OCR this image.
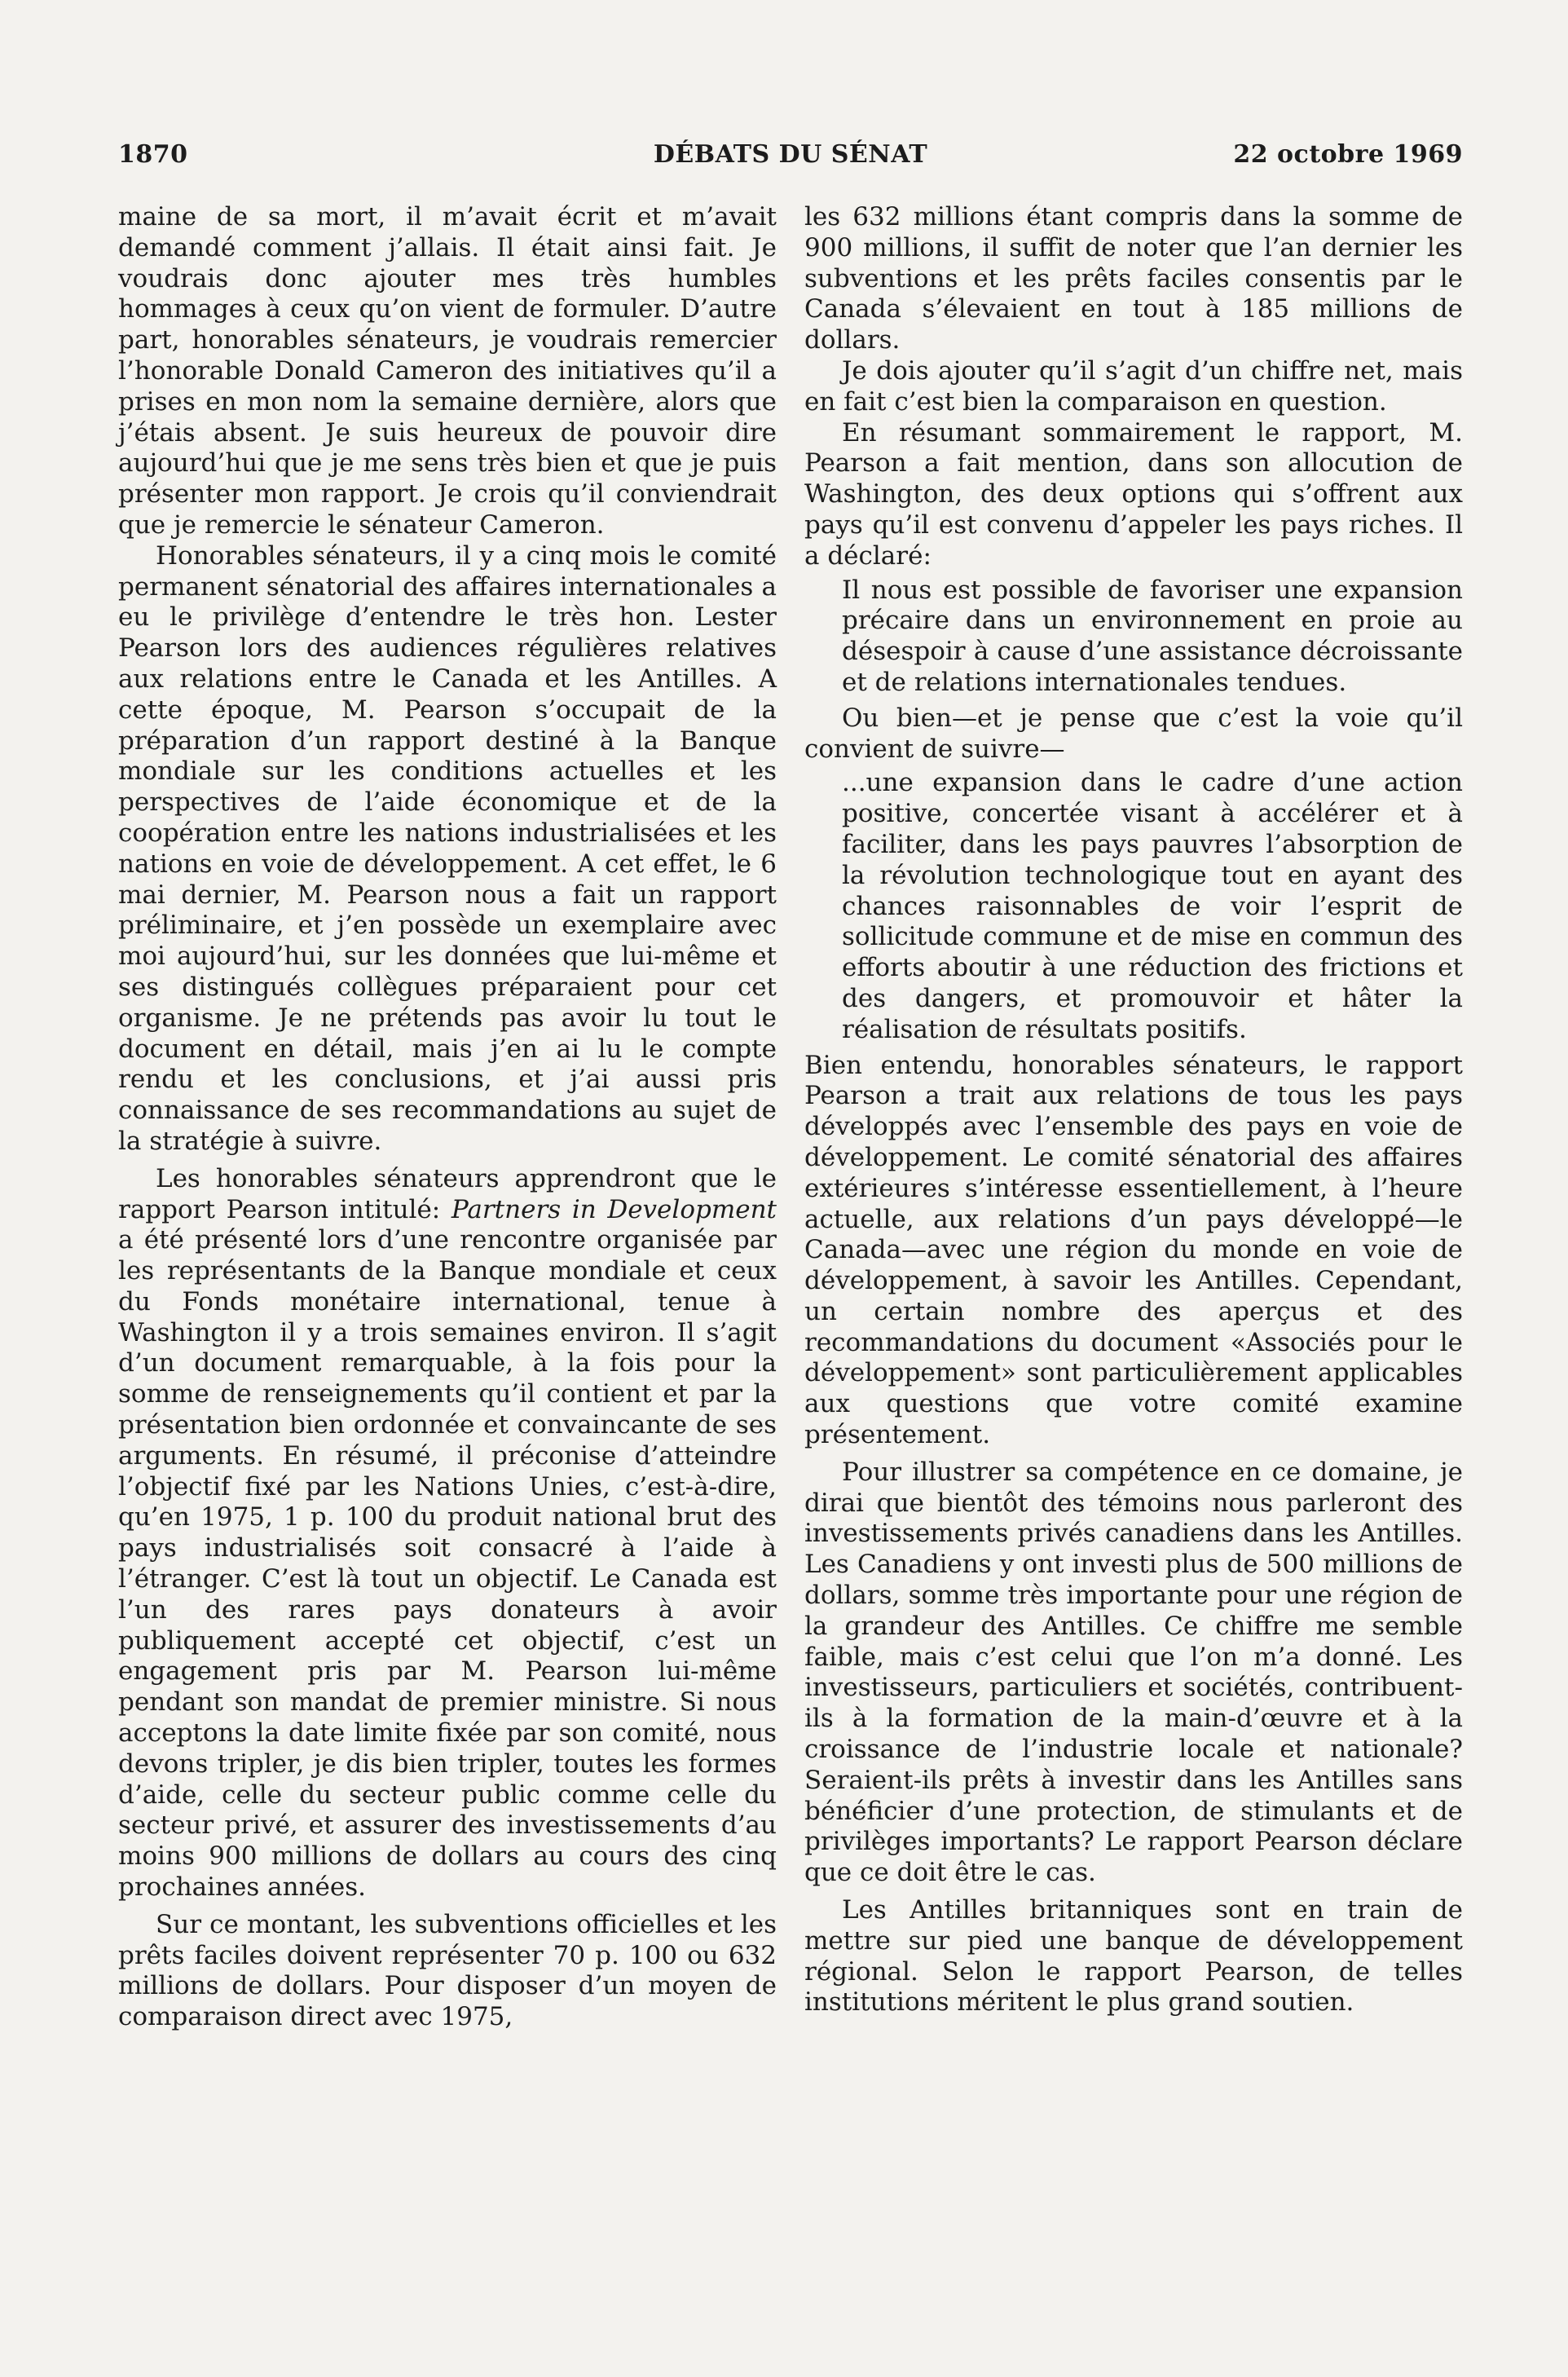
1870	DÉBATS DU SÉNAT	22 octobre 1969

maine de sa mort, il m’avait écrit et m’avait demandé comment j’allais. Il était ainsi fait. Je voudrais donc ajouter mes très humbles hommages à ceux qu’on vient de formuler. D’autre part, honorables sénateurs, je voudrais remercier l’honorable Donald Cameron des initiatives qu’il a prises en mon nom la semaine dernière, alors que j’étais absent. Je suis heureux de pouvoir dire aujourd’hui que je me sens très bien et que je puis présenter mon rapport. Je crois qu’il conviendrait que je remercie le sénateur Cameron.

Honorables sénateurs, il y a cinq mois le comité permanent sénatorial des affaires internationales a eu le privilège d’entendre le très hon. Lester Pearson lors des audiences régulières relatives aux relations entre le Canada et les Antilles. A cette époque, M. Pearson s’occupait de la préparation d’un rapport destiné à la Banque mondiale sur les conditions actuelles et les perspectives de l’aide économique et de la coopération entre les nations industrialisées et les nations en voie de développement. A cet effet, le 6 mai dernier, M. Pearson nous a fait un rapport préliminaire, et j’en possède un exemplaire avec moi aujourd’hui, sur les données que lui-même et ses distingués collègues préparaient pour cet organisme. Je ne prétends pas avoir lu tout le document en détail, mais j’en ai lu le compte rendu et les conclusions, et j’ai aussi pris connaissance de ses recommandations au sujet de la stratégie à suivre.

Les honorables sénateurs apprendront que le rapport Pearson intitulé: Partners in Development a été présenté lors d’une rencontre organisée par les représentants de la Banque mondiale et ceux du Fonds monétaire international, tenue à Washington il y a trois semaines environ. Il s’agit d’un document remarquable, à la fois pour la somme de renseignements qu’il contient et par la présentation bien ordonnée et convaincante de ses arguments. En résumé, il préconise d’atteindre l’objectif fixé par les Nations Unies, c’est-à-dire, qu’en 1975, 1 p. 100 du produit national brut des pays industrialisés soit consacré à l’aide à l’étranger. C’est là tout un objectif. Le Canada est l’un des rares pays donateurs à avoir publiquement accepté cet objectif, c’est un engagement pris par M. Pearson lui-même pendant son mandat de premier ministre. Si nous acceptons la date limite fixée par son comité, nous devons tripler, je dis bien tripler, toutes les formes d’aide, celle du secteur public comme celle du secteur privé, et assurer des investissements d’au moins 900 millions de dollars au cours des cinq prochaines années.

Sur ce montant, les subventions officielles et les prêts faciles doivent représenter 70 p. 100 ou 632 millions de dollars. Pour disposer d’un moyen de comparaison direct avec 1975,

les 632 millions étant compris dans la somme de 900 millions, il suffit de noter que l’an dernier les subventions et les prêts faciles consentis par le Canada s’élevaient en tout à 185 millions de dollars.

Je dois ajouter qu’il s’agit d’un chiffre net, mais en fait c’est bien la comparaison en question.

En résumant sommairement le rapport, M. Pearson a fait mention, dans son allocution de Washington, des deux options qui s’offrent aux pays qu’il est convenu d’appeler les pays riches. Il a déclaré:

Il nous est possible de favoriser une expansion précaire dans un environnement en proie au désespoir à cause d’une assistance décroissante et de relations internationales tendues.

Ou bien—et je pense que c’est la voie qu’il convient de suivre—

...une expansion dans le cadre d’une action positive, concertée visant à accélérer et à faciliter, dans les pays pauvres l’absorption de la révolution technologique tout en ayant des chances raisonnables de voir l’esprit de sollicitude commune et de mise en commun des efforts aboutir à une réduction des frictions et des dangers, et promouvoir et hâter la réalisation de résultats positifs.

Bien entendu, honorables sénateurs, le rapport Pearson a trait aux relations de tous les pays développés avec l’ensemble des pays en voie de développement. Le comité sénatorial des affaires extérieures s’intéresse essentiellement, à l’heure actuelle, aux relations d’un pays développé—le Canada—avec une région du monde en voie de développement, à savoir les Antilles. Cependant, un certain nombre des aperçus et des recommandations du document «Associés pour le développement» sont particulièrement applicables aux questions que votre comité examine présentement.

Pour illustrer sa compétence en ce domaine, je dirai que bientôt des témoins nous parleront des investissements privés canadiens dans les Antilles. Les Canadiens y ont investi plus de 500 millions de dollars, somme très importante pour une région de la grandeur des Antilles. Ce chiffre me semble faible, mais c’est celui que l’on m’a donné. Les investisseurs, particuliers et sociétés, contribuent-ils à la formation de la main-d’œuvre et à la croissance de l’industrie locale et nationale? Seraient-ils prêts à investir dans les Antilles sans bénéficier d’une protection, de stimulants et de privilèges importants? Le rapport Pearson déclare que ce doit être le cas.

Les Antilles britanniques sont en train de mettre sur pied une banque de développement régional. Selon le rapport Pearson, de telles institutions méritent le plus grand soutien.
